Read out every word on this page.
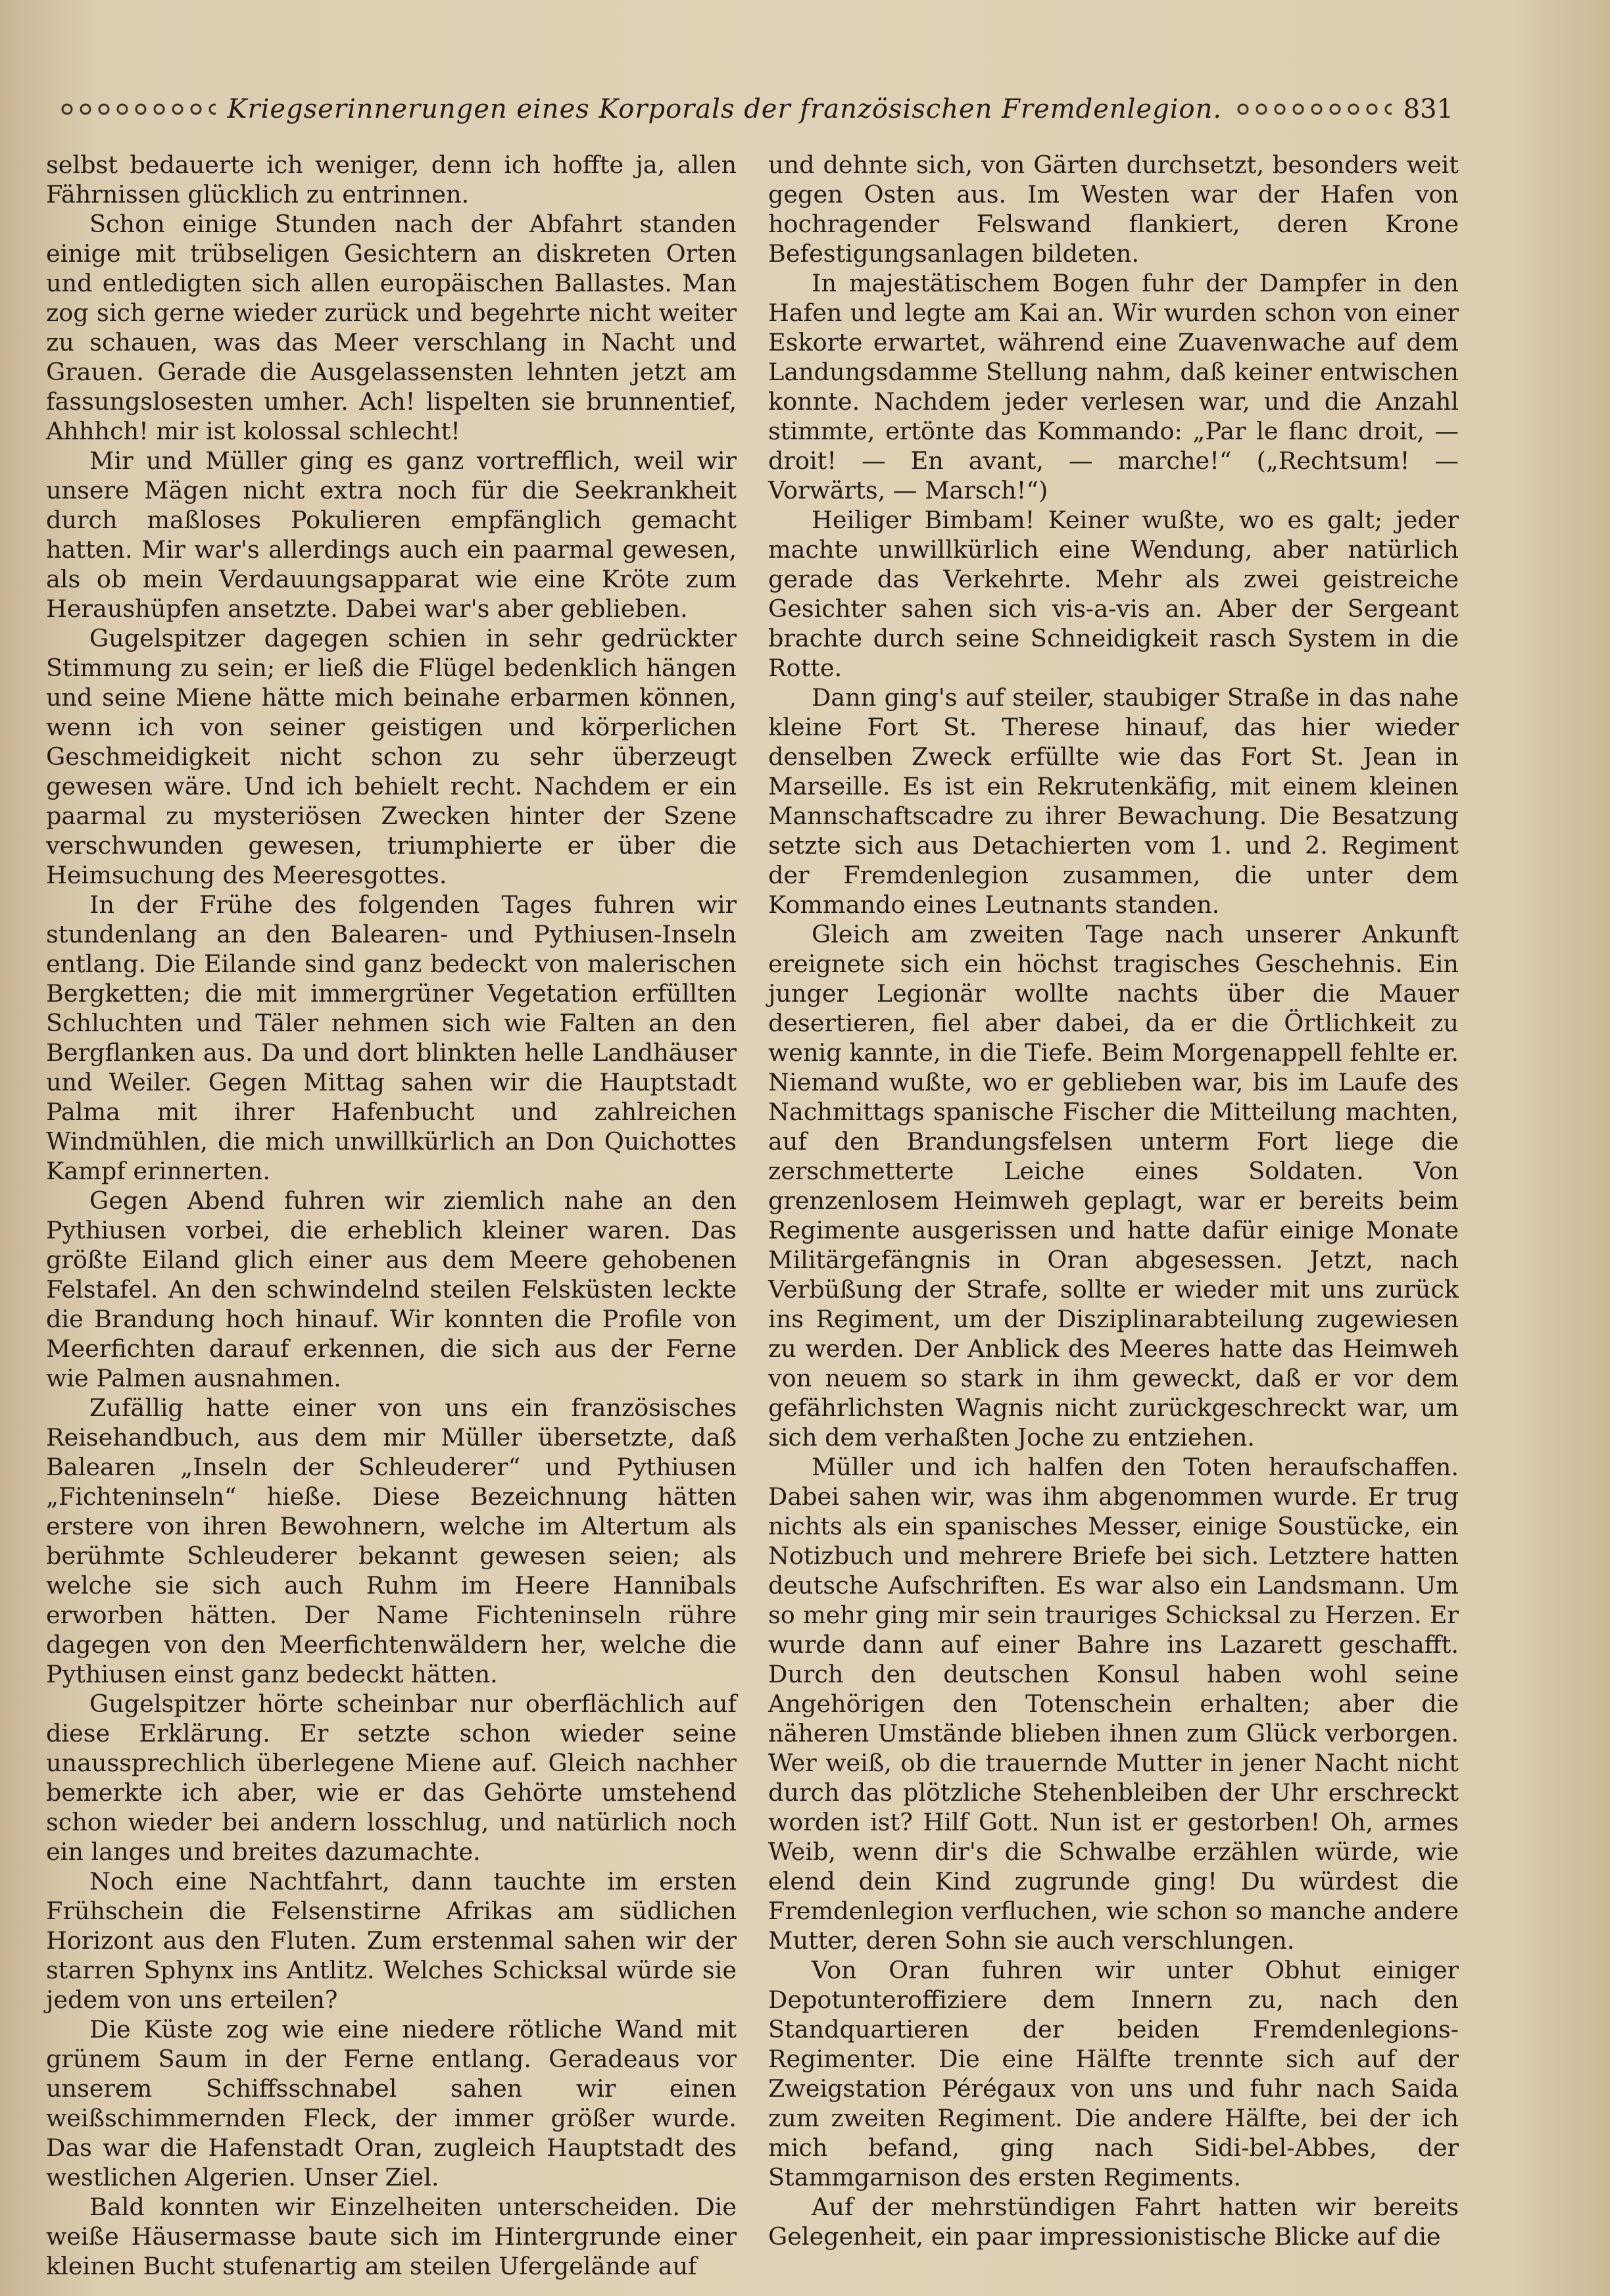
Kriegserinnerungen eines Korporals der französischen Fremdenlegion.	831

selbst bedauerte ich weniger, denn ich hoffte ja, allen Fährnissen glücklich zu entrinnen.

Schon einige Stunden nach der Abfahrt standen einige mit trübseligen Gesichtern an diskreten Orten und entledigten sich allen europäischen Ballastes. Man zog sich gerne wieder zurück und begehrte nicht weiter zu schauen, was das Meer verschlang in Nacht und Grauen. Gerade die Ausgelassensten lehnten jetzt am fassungslosesten umher. Ach! lispelten sie brunnentief, Ahhhch! mir ist kolossal schlecht!

Mir und Müller ging es ganz vortrefflich, weil wir unsere Mägen nicht extra noch für die Seekrankheit durch maßloses Pokulieren empfänglich gemacht hatten. Mir war's allerdings auch ein paarmal gewesen, als ob mein Verdauungsapparat wie eine Kröte zum Heraushüpfen ansetzte. Dabei war's aber geblieben.

Gugelspitzer dagegen schien in sehr gedrückter Stimmung zu sein; er ließ die Flügel bedenklich hängen und seine Miene hätte mich beinahe erbarmen können, wenn ich von seiner geistigen und körperlichen Geschmeidigkeit nicht schon zu sehr überzeugt gewesen wäre. Und ich behielt recht. Nachdem er ein paarmal zu mysteriösen Zwecken hinter der Szene verschwunden gewesen, triumphierte er über die Heimsuchung des Meeresgottes.

In der Frühe des folgenden Tages fuhren wir stundenlang an den Balearen- und Pythiusen-Inseln entlang. Die Eilande sind ganz bedeckt von malerischen Bergketten; die mit immergrüner Vegetation erfüllten Schluchten und Täler nehmen sich wie Falten an den Bergflanken aus. Da und dort blinkten helle Landhäuser und Weiler. Gegen Mittag sahen wir die Hauptstadt Palma mit ihrer Hafenbucht und zahlreichen Windmühlen, die mich unwillkürlich an Don Quichottes Kampf erinnerten.

Gegen Abend fuhren wir ziemlich nahe an den Pythiusen vorbei, die erheblich kleiner waren. Das größte Eiland glich einer aus dem Meere gehobenen Felstafel. An den schwindelnd steilen Felsküsten leckte die Brandung hoch hinauf. Wir konnten die Profile von Meerfichten darauf erkennen, die sich aus der Ferne wie Palmen ausnahmen.

Zufällig hatte einer von uns ein französisches Reisehandbuch, aus dem mir Müller übersetzte, daß Balearen „Inseln der Schleuderer“ und Pythiusen „Fichteninseln“ hieße. Diese Bezeichnung hätten erstere von ihren Bewohnern, welche im Altertum als berühmte Schleuderer bekannt gewesen seien; als welche sie sich auch Ruhm im Heere Hannibals erworben hätten. Der Name Fichteninseln rühre dagegen von den Meerfichtenwäldern her, welche die Pythiusen einst ganz bedeckt hätten.

Gugelspitzer hörte scheinbar nur oberflächlich auf diese Erklärung. Er setzte schon wieder seine unaussprechlich überlegene Miene auf. Gleich nachher bemerkte ich aber, wie er das Gehörte umstehend schon wieder bei andern losschlug, und natürlich noch ein langes und breites dazumachte.

Noch eine Nachtfahrt, dann tauchte im ersten Frühschein die Felsenstirne Afrikas am südlichen Horizont aus den Fluten. Zum erstenmal sahen wir der starren Sphynx ins Antlitz. Welches Schicksal würde sie jedem von uns erteilen?

Die Küste zog wie eine niedere rötliche Wand mit grünem Saum in der Ferne entlang. Geradeaus vor unserem Schiffsschnabel sahen wir einen weißschimmernden Fleck, der immer größer wurde. Das war die Hafenstadt Oran, zugleich Hauptstadt des westlichen Algerien. Unser Ziel.

Bald konnten wir Einzelheiten unterscheiden. Die weiße Häusermasse baute sich im Hintergrunde einer kleinen Bucht stufenartig am steilen Ufergelände auf

und dehnte sich, von Gärten durchsetzt, besonders weit gegen Osten aus. Im Westen war der Hafen von hochragender Felswand flankiert, deren Krone Befestigungsanlagen bildeten.

In majestätischem Bogen fuhr der Dampfer in den Hafen und legte am Kai an. Wir wurden schon von einer Eskorte erwartet, während eine Zuavenwache auf dem Landungsdamme Stellung nahm, daß keiner entwischen konnte. Nachdem jeder verlesen war, und die Anzahl stimmte, ertönte das Kommando: „Par le flanc droit, — droit! — En avant, — marche!“ („Rechtsum! — Vorwärts, — Marsch!“)

Heiliger Bimbam! Keiner wußte, wo es galt; jeder machte unwillkürlich eine Wendung, aber natürlich gerade das Verkehrte. Mehr als zwei geistreiche Gesichter sahen sich vis-a-vis an. Aber der Sergeant brachte durch seine Schneidigkeit rasch System in die Rotte.

Dann ging's auf steiler, staubiger Straße in das nahe kleine Fort St. Therese hinauf, das hier wieder denselben Zweck erfüllte wie das Fort St. Jean in Marseille. Es ist ein Rekrutenkäfig, mit einem kleinen Mannschaftscadre zu ihrer Bewachung. Die Besatzung setzte sich aus Detachierten vom 1. und 2. Regiment der Fremdenlegion zusammen, die unter dem Kommando eines Leutnants standen.

Gleich am zweiten Tage nach unserer Ankunft ereignete sich ein höchst tragisches Geschehnis. Ein junger Legionär wollte nachts über die Mauer desertieren, fiel aber dabei, da er die Örtlichkeit zu wenig kannte, in die Tiefe. Beim Morgenappell fehlte er. Niemand wußte, wo er geblieben war, bis im Laufe des Nachmittags spanische Fischer die Mitteilung machten, auf den Brandungsfelsen unterm Fort liege die zerschmetterte Leiche eines Soldaten. Von grenzenlosem Heimweh geplagt, war er bereits beim Regimente ausgerissen und hatte dafür einige Monate Militärgefängnis in Oran abgesessen. Jetzt, nach Verbüßung der Strafe, sollte er wieder mit uns zurück ins Regiment, um der Disziplinarabteilung zugewiesen zu werden. Der Anblick des Meeres hatte das Heimweh von neuem so stark in ihm geweckt, daß er vor dem gefährlichsten Wagnis nicht zurückgeschreckt war, um sich dem verhaßten Joche zu entziehen.

Müller und ich halfen den Toten heraufschaffen. Dabei sahen wir, was ihm abgenommen wurde. Er trug nichts als ein spanisches Messer, einige Soustücke, ein Notizbuch und mehrere Briefe bei sich. Letztere hatten deutsche Aufschriften. Es war also ein Landsmann. Um so mehr ging mir sein trauriges Schicksal zu Herzen. Er wurde dann auf einer Bahre ins Lazarett geschafft. Durch den deutschen Konsul haben wohl seine Angehörigen den Totenschein erhalten; aber die näheren Umstände blieben ihnen zum Glück verborgen. Wer weiß, ob die trauernde Mutter in jener Nacht nicht durch das plötzliche Stehenbleiben der Uhr erschreckt worden ist? Hilf Gott. Nun ist er gestorben! Oh, armes Weib, wenn dir's die Schwalbe erzählen würde, wie elend dein Kind zugrunde ging! Du würdest die Fremdenlegion verfluchen, wie schon so manche andere Mutter, deren Sohn sie auch verschlungen.

Von Oran fuhren wir unter Obhut einiger Depotunteroffiziere dem Innern zu, nach den Standquartieren der beiden Fremdenlegions-Regimenter. Die eine Hälfte trennte sich auf der Zweigstation Pérégaux von uns und fuhr nach Saida zum zweiten Regiment. Die andere Hälfte, bei der ich mich befand, ging nach Sidi-bel-Abbes, der Stammgarnison des ersten Regiments.

Auf der mehrstündigen Fahrt hatten wir bereits Gelegenheit, ein paar impressionistische Blicke auf die
